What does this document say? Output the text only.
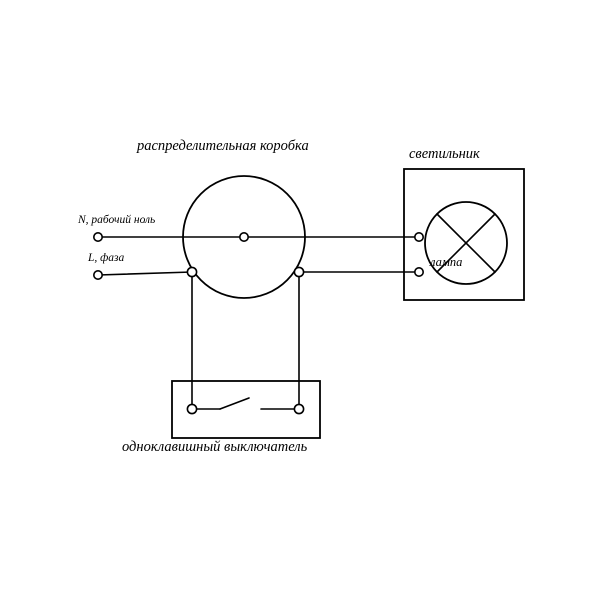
распределительная коробка	светильник
N, рабочий ноль
L, фаза	лампа
одноклавишный выключатель
